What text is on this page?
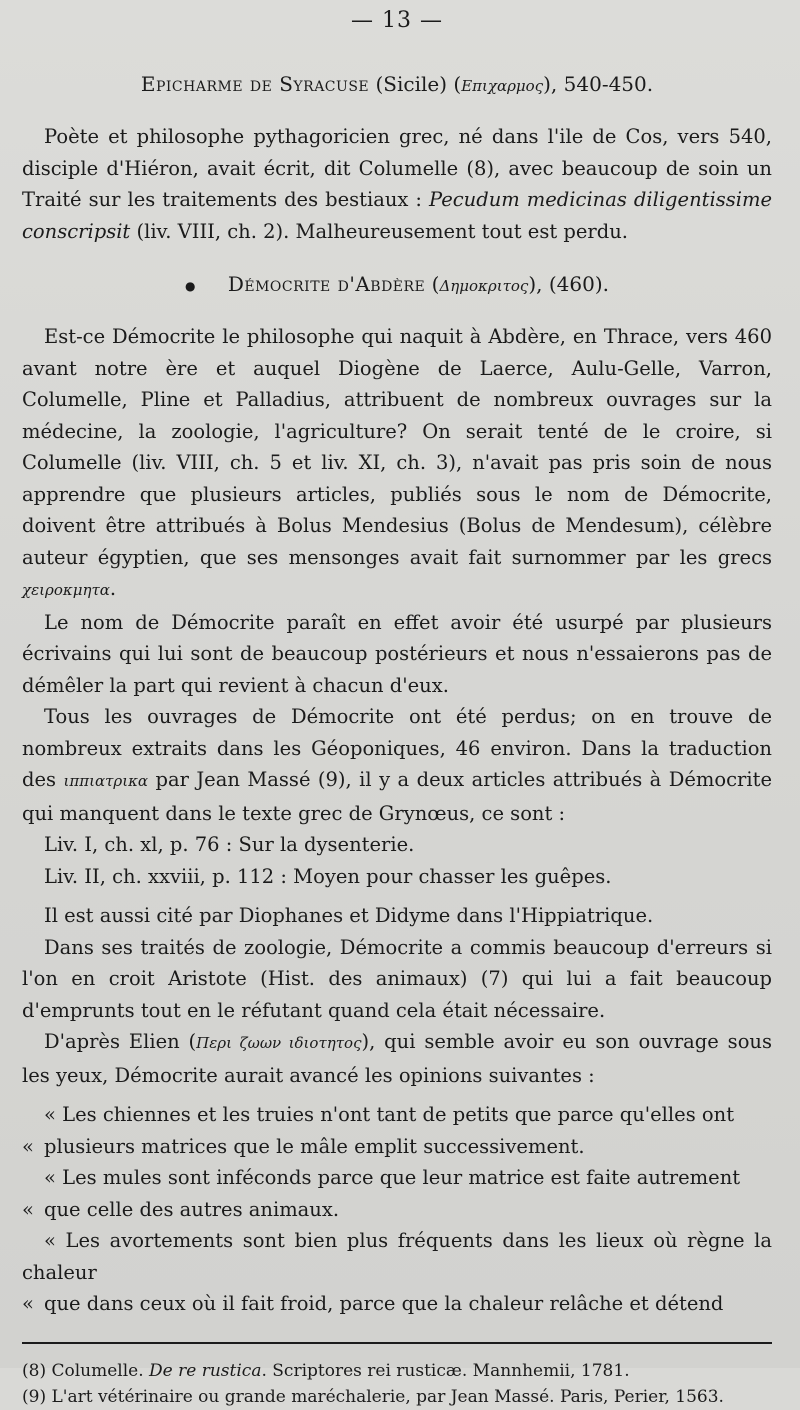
— 13 —
Epicharme de Syracuse (Sicile) (Επιχαρμος), 540-450.

Poète et philosophe pythagoricien grec, né dans l'ile de Cos, vers 540, disciple d'Hiéron, avait écrit, dit Columelle (8), avec beaucoup de soin un Traité sur les traitements des bestiaux : Pecudum medicinas diligentissime conscripsit (liv. VIII, ch. 2). Malheureusement tout est perdu.

● Démocrite d'Abdère (Δημοκριτος), (460).

Est-ce Démocrite le philosophe qui naquit à Abdère, en Thrace, vers 460 avant notre ère et auquel Diogène de Laerce, Aulu-Gelle, Varron, Columelle, Pline et Palladius, attribuent de nombreux ouvrages sur la médecine, la zoologie, l'agriculture? On serait tenté de le croire, si Columelle (liv. VIII, ch. 5 et liv. XI, ch. 3), n'avait pas pris soin de nous apprendre que plusieurs articles, publiés sous le nom de Démocrite, doivent être attribués à Bolus Mendesius (Bolus de Mendesum), célèbre auteur égyptien, que ses mensonges avait fait surnommer par les grecs χειροκμητα.

Le nom de Démocrite paraît en effet avoir été usurpé par plusieurs écrivains qui lui sont de beaucoup postérieurs et nous n'essaierons pas de démêler la part qui revient à chacun d'eux.

Tous les ouvrages de Démocrite ont été perdus; on en trouve de nombreux extraits dans les Géoponiques, 46 environ. Dans la traduction des ιππιατρικα par Jean Massé (9), il y a deux articles attribués à Démocrite qui manquent dans le texte grec de Grynœus, ce sont :

Liv. I, ch. xl, p. 76 : Sur la dysenterie.

Liv. II, ch. xxviii, p. 112 : Moyen pour chasser les guêpes.

Il est aussi cité par Diophanes et Didyme dans l'Hippiatrique.

Dans ses traités de zoologie, Démocrite a commis beaucoup d'erreurs si l'on en croit Aristote (Hist. des animaux) (7) qui lui a fait beaucoup d'emprunts tout en le réfutant quand cela était nécessaire.

D'après Elien (Περι ζωων ιδιοτητος), qui semble avoir eu son ouvrage sous les yeux, Démocrite aurait avancé les opinions suivantes :

« Les chiennes et les truies n'ont tant de petits que parce qu'elles ont

« plusieurs matrices que le mâle emplit successivement.

« Les mules sont inféconds parce que leur matrice est faite autrement

« que celle des autres animaux.

« Les avortements sont bien plus fréquents dans les lieux où règne la chaleur

« que dans ceux où il fait froid, parce que la chaleur relâche et détend

(8) Columelle. De re rustica. Scriptores rei rusticæ. Mannhemii, 1781.

(9) L'art vétérinaire ou grande maréchalerie, par Jean Massé. Paris, Perier, 1563.
